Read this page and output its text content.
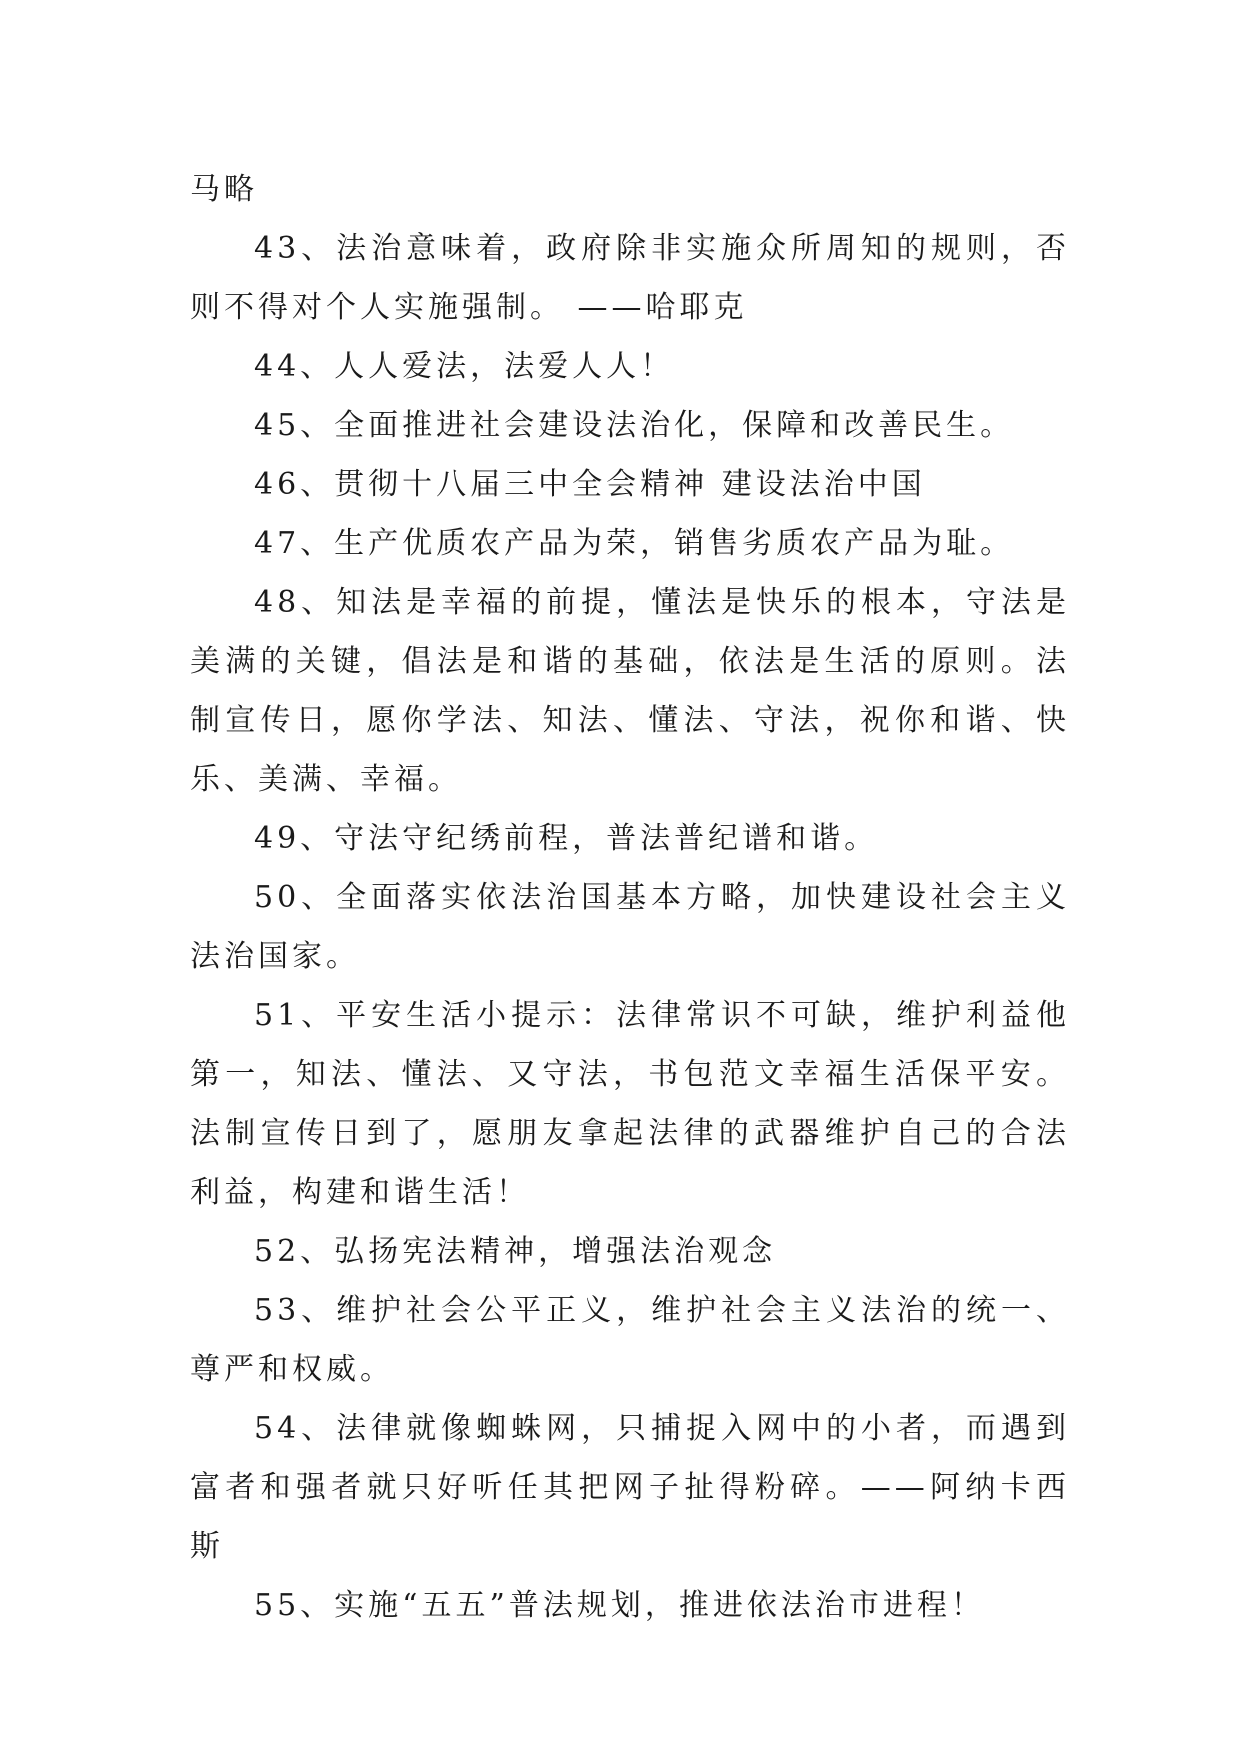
马略

43、法治意味着，政府除非实施众所周知的规则，否则不得对个人实施强制。 ——哈耶克

44、人人爱法，法爱人人！

45、全面推进社会建设法治化，保障和改善民生。

46、贯彻十八届三中全会精神 建设法治中国

47、生产优质农产品为荣，销售劣质农产品为耻。

48、知法是幸福的前提，懂法是快乐的根本，守法是美满的关键，倡法是和谐的基础，依法是生活的原则。法制宣传日，愿你学法、知法、懂法、守法，祝你和谐、快乐、美满、幸福。

49、守法守纪绣前程，普法普纪谱和谐。

50、全面落实依法治国基本方略，加快建设社会主义法治国家。

51、平安生活小提示：法律常识不可缺，维护利益他第一，知法、懂法、又守法，书包范文幸福生活保平安。法制宣传日到了，愿朋友拿起法律的武器维护自己的合法利益，构建和谐生活！

52、弘扬宪法精神，增强法治观念

53、维护社会公平正义，维护社会主义法治的统一、尊严和权威。

54、法律就像蜘蛛网，只捕捉入网中的小者，而遇到富者和强者就只好听任其把网子扯得粉碎。——阿纳卡西斯

55、实施“五五”普法规划，推进依法治市进程！
